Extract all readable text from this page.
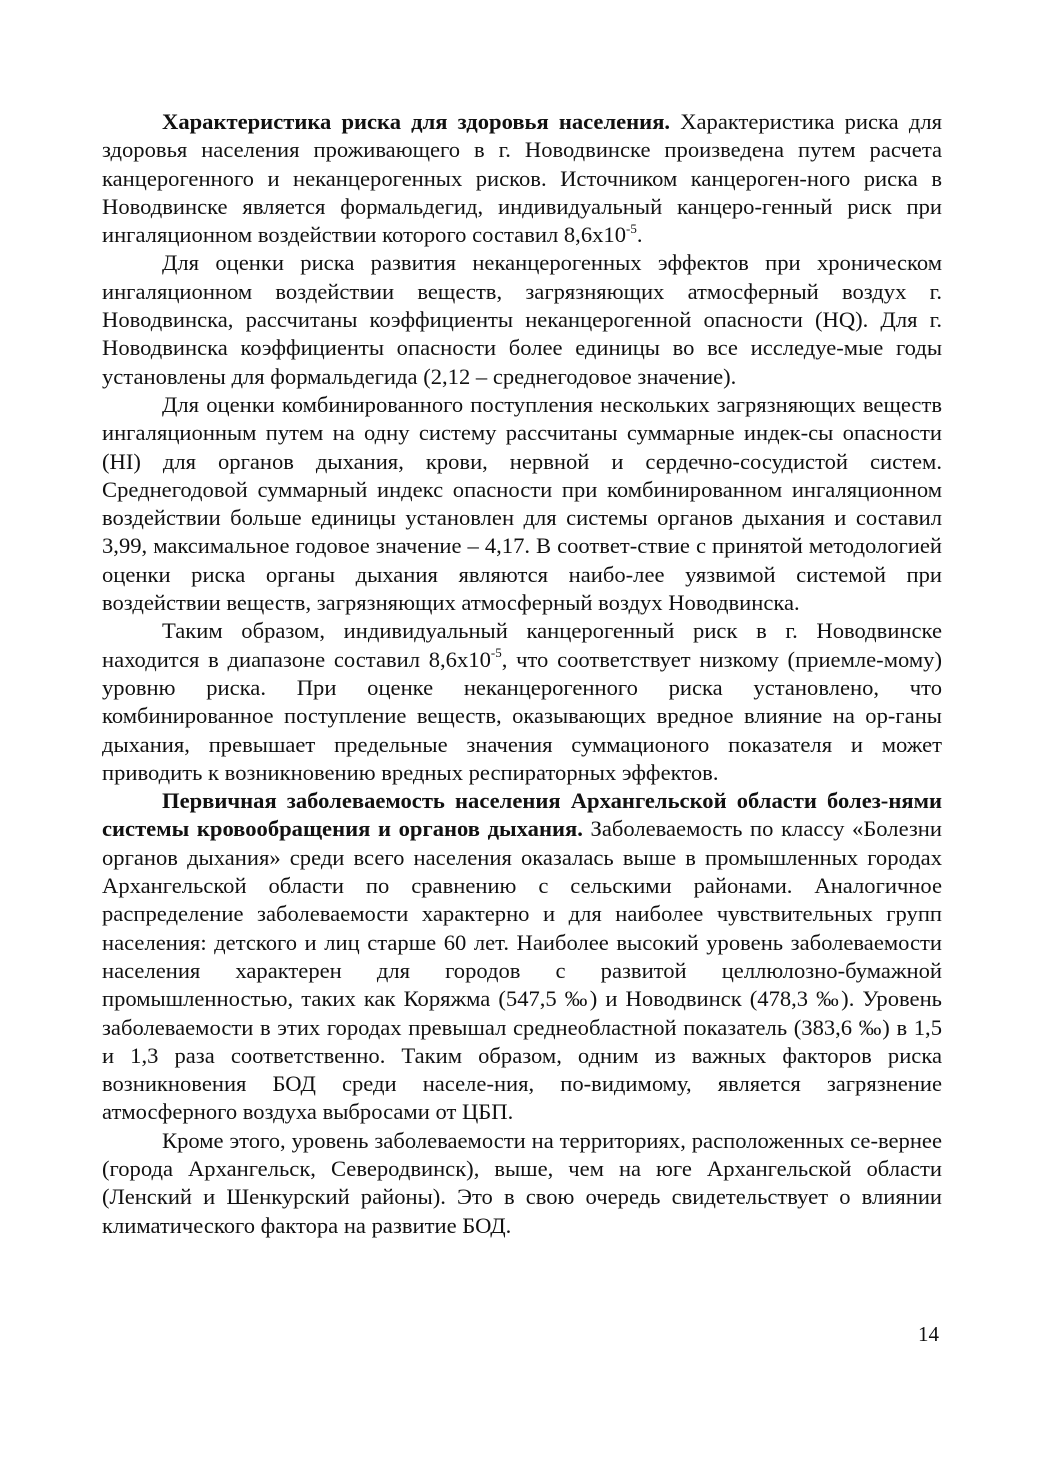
Характеристика риска для здоровья населения. Характеристика риска для здоровья населения проживающего в г. Новодвинске произведена путем расчета канцерогенного и неканцерогенных рисков. Источником канцероген-ного риска в Новодвинске является формальдегид, индивидуальный канцеро-генный риск при ингаляционном воздействии которого составил $8,6x10^{-5}$.

Для оценки риска развития неканцерогенных эффектов при хроническом ингаляционном воздействии веществ, загрязняющих атмосферный воздух г. Новодвинска, рассчитаны коэффициенты неканцерогенной опасности (HQ). Для г. Новодвинска коэффициенты опасности более единицы во все исследуе-мые годы установлены для формальдегида (2,12 – среднегодовое значение).

Для оценки комбинированного поступления нескольких загрязняющих веществ ингаляционным путем на одну систему рассчитаны суммарные индек-сы опасности (HI) для органов дыхания, крови, нервной и сердечно-сосудистой систем. Среднегодовой суммарный индекс опасности при комбинированном ингаляционном воздействии больше единицы установлен для системы органов дыхания и составил 3,99, максимальное годовое значение – 4,17. В соответ-ствие с принятой методологией оценки риска органы дыхания являются наибо-лее уязвимой системой при воздействии веществ, загрязняющих атмосферный воздух Новодвинска.

Таким образом, индивидуальный канцерогенный риск в г. Новодвинске находится в диапазоне составил $8,6x10^{-5}$, что соответствует низкому (приемле-мому) уровню риска. При оценке неканцерогенного риска установлено, что комбинированное поступление веществ, оказывающих вредное влияние на ор-ганы дыхания, превышает предельные значения суммационого показателя и может приводить к возникновению вредных респираторных эффектов.

Первичная заболеваемость населения Архангельской области болез-нями системы кровообращения и органов дыхания. Заболеваемость по классу «Болезни органов дыхания» среди всего населения оказалась выше в промышленных городах Архангельской области по сравнению с сельскими районами. Аналогичное распределение заболеваемости характерно и для наиболее чувствительных групп населения: детского и лиц старше 60 лет. Наиболее высокий уровень заболеваемости населения характерен для городов с развитой целлюлозно-бумажной промышленностью, таких как Коряжма (547,5 ‰) и Новодвинск (478,3 ‰). Уровень заболеваемости в этих городах превышал среднеобластной показатель (383,6 ‰) в 1,5 и 1,3 раза соответственно. Таким образом, одним из важных факторов риска возникновения БОД среди населе-ния, по-видимому, является загрязнение атмосферного воздуха выбросами от ЦБП.

Кроме этого, уровень заболеваемости на территориях, расположенных се-вернее (города Архангельск, Северодвинск), выше, чем на юге Архангельской области (Ленский и Шенкурский районы). Это в свою очередь свидетельствует о влиянии климатического фактора на развитие БОД.

14
